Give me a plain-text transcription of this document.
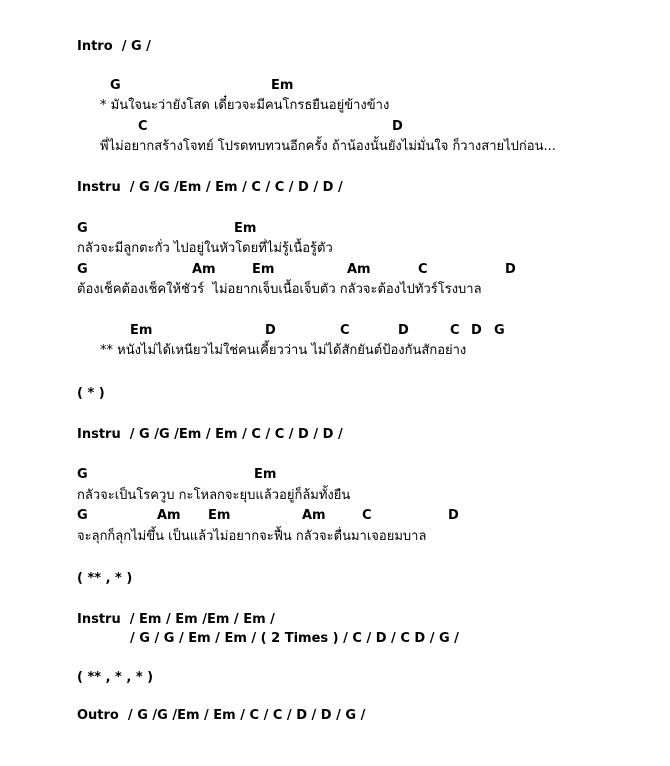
Intro  / G /

G

	Em

* มันใจนะว่ายังโสด เดี๋ยวจะมีคนโกรธยืนอยู่ข้างข้าง

C

	D

พี่ไม่อยากสร้างโจทย์ โปรดทบทวนอีกครั้ง ถ้าน้องนั้นยังไม่มั่นใจ ก็วางสายไปก่อน...
Instru  / G /G /Em / Em / C / C / D / D /

G

	Em

กลัวจะมีลูกตะกั่ว ไปอยู่ในหัวโดยที่ไม่รู้เนื้อรู้ตัว

G

	Am

	Em

	Am

	C

	D

ต้องเช็คต้องเช็คให้ชัวร์  ไม่อยากเจ็บเนื้อเจ็บตัว กลัวจะต้องไปทัวร์โรงบาล

Em

	D

	C

	D

	C

D

G

** หนังไม่ได้เหนียวไม่ใช่คนเคี้ยวว่าน ไม่ได้สักยันต์ป้องกันสักอย่าง
( * )
Instru  / G /G /Em / Em / C / C / D / D /

G

	Em

กลัวจะเป็นโรควูบ กะโหลกจะยุบแล้วอยู่ก็ล้มทั้งยืน

G

	Am

Em

	Am

	C

	D

จะลุกก็ลุกไม่ขึ้น เป็นแล้วไม่อยากจะฟื้น กลัวจะตื่นมาเจอยมบาล
( ** , * )
Instru  / Em / Em /Em / Em /
/ G / G / Em / Em / ( 2 Times ) / C / D / C D / G /
( ** , * , * )
Outro  / G /G /Em / Em / C / C / D / D / G /
